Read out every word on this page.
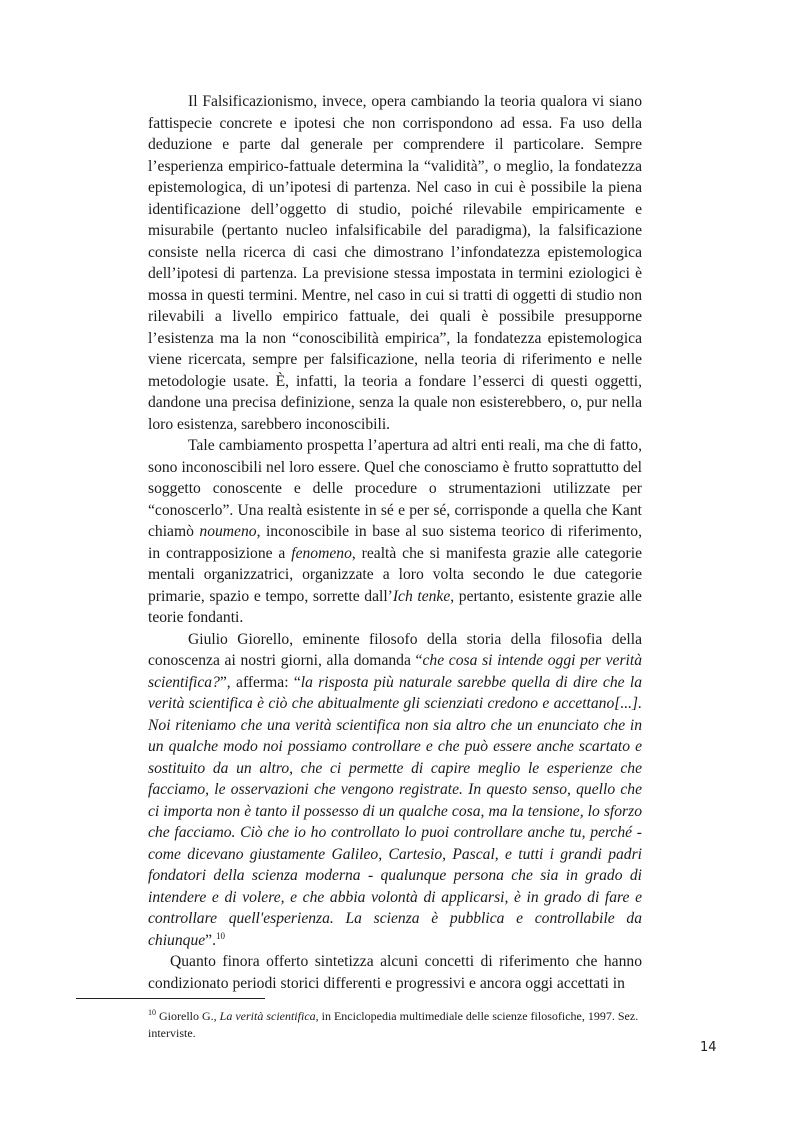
Il Falsificazionismo, invece, opera cambiando la teoria qualora vi siano fattispecie concrete e ipotesi che non corrispondono ad essa. Fa uso della deduzione e parte dal generale per comprendere il particolare. Sempre l’esperienza empirico-fattuale determina la “validità”, o meglio, la fondatezza epistemologica, di un’ipotesi di partenza. Nel caso in cui è possibile la piena identificazione dell’oggetto di studio, poiché rilevabile empiricamente e misurabile (pertanto nucleo infalsificabile del paradigma), la falsificazione consiste nella ricerca di casi che dimostrano l’infondatezza epistemologica dell’ipotesi di partenza. La previsione stessa impostata in termini eziologici è mossa in questi termini. Mentre, nel caso in cui si tratti di oggetti di studio non rilevabili a livello empirico fattuale, dei quali è possibile presupporne l’esistenza ma la non “conoscibilità empirica”, la fondatezza epistemologica viene ricercata, sempre per falsificazione, nella teoria di riferimento e nelle metodologie usate. È, infatti, la teoria a fondare l’esserci di questi oggetti, dandone una precisa definizione, senza la quale non esisterebbero, o, pur nella loro esistenza, sarebbero inconoscibili.

Tale cambiamento prospetta l’apertura ad altri enti reali, ma che di fatto, sono inconoscibili nel loro essere. Quel che conosciamo è frutto soprattutto del soggetto conoscente e delle procedure o strumentazioni utilizzate per “conoscerlo”. Una realtà esistente in sé e per sé, corrisponde a quella che Kant chiamò noumeno, inconoscibile in base al suo sistema teorico di riferimento, in contrapposizione a fenomeno, realtà che si manifesta grazie alle categorie mentali organizzatrici, organizzate a loro volta secondo le due categorie primarie, spazio e tempo, sorrette dall’Ich tenke, pertanto, esistente grazie alle teorie fondanti.

Giulio Giorello, eminente filosofo della storia della filosofia della conoscenza ai nostri giorni, alla domanda “che cosa si intende oggi per verità scientifica?”, afferma: “la risposta più naturale sarebbe quella di dire che la verità scientifica è ciò che abitualmente gli scienziati credono e accettano[...]. Noi riteniamo che una verità scientifica non sia altro che un enunciato che in un qualche modo noi possiamo controllare e che può essere anche scartato e sostituito da un altro, che ci permette di capire meglio le esperienze che facciamo, le osservazioni che vengono registrate. In questo senso, quello che ci importa non è tanto il possesso di un qualche cosa, ma la tensione, lo sforzo che facciamo. Ciò che io ho controllato lo puoi controllare anche tu, perché - come dicevano giustamente Galileo, Cartesio, Pascal, e tutti i grandi padri fondatori della scienza moderna - qualunque persona che sia in grado di intendere e di volere, e che abbia volontà di applicarsi, è in grado di fare e controllare quell'esperienza. La scienza è pubblica e controllabile da chiunque”.$^{10}$

Quanto finora offerto sintetizza alcuni concetti di riferimento che hanno condizionato periodi storici differenti e progressivi e ancora oggi accettati in

$^{10}$ Giorello G., La verità scientifica, in Enciclopedia multimediale delle scienze filosofiche, 1997. Sez. interviste.
14
